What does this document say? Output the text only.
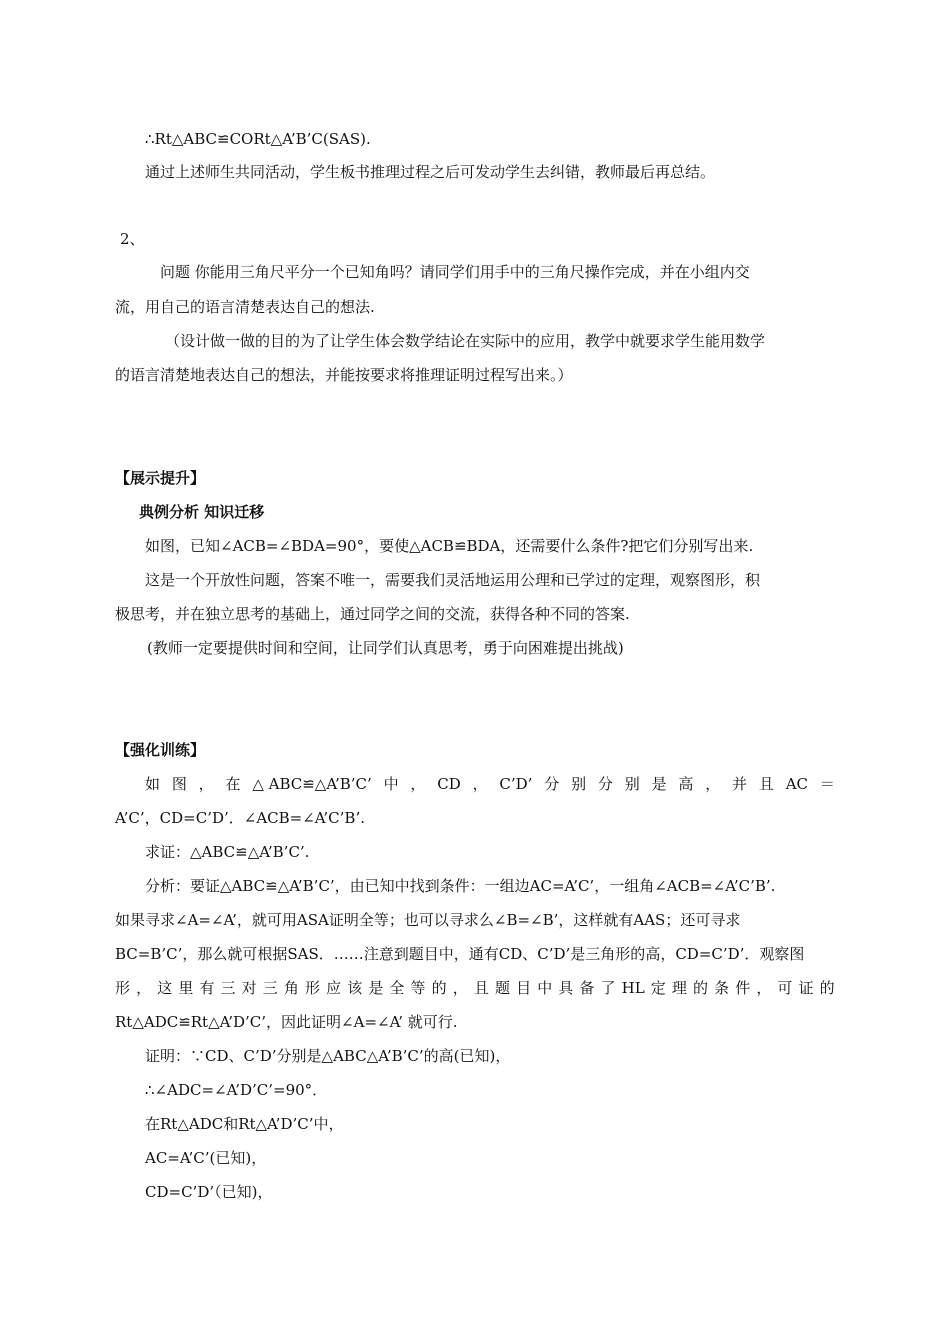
∴Rt△ABC≌CORt△A’B’C(SAS).
通过上述师生共同活动，学生板书推理过程之后可发动学生去纠错，教师最后再总结。
2、
问题 你能用三角尺平分一个已知角吗？请同学们用手中的三角尺操作完成，并在小组内交
流，用自己的语言清楚表达自己的想法.
（设计做一做的目的为了让学生体会数学结论在实际中的应用，教学中就要求学生能用数学
的语言清楚地表达自己的想法，并能按要求将推理证明过程写出来。）
【展示提升】
典例分析 知识迁移
如图，已知∠ACB=∠BDA=90°，要使△ACB≌BDA，还需要什么条件?把它们分别写出来.
这是一个开放性问题，答案不唯一，需要我们灵活地运用公理和已学过的定理，观察图形，积
极思考，并在独立思考的基础上，通过同学之间的交流，获得各种不同的答案.
(教师一定要提供时间和空间，让同学们认真思考，勇于向困难提出挑战)
【强化训练】
如 图 ， 在 △ ABC≌△A’B’C’ 中 ， CD ， C’D’ 分 别 分 别 是 高 ， 并 且 AC ＝
A’C’，CD=C’D’．∠ACB=∠A’C’B’.
求证：△ABC≌△A’B’C’.
分析：要证△ABC≌△A’B’C’，由已知中找到条件：一组边AC=A’C’，一组角∠ACB=∠A’C’B’.
如果寻求∠A=∠A’，就可用ASA证明全等；也可以寻求么∠B=∠B’，这样就有AAS；还可寻求
BC=B’C’，那么就可根据SAS．……注意到题目中，通有CD、C’D’是三角形的高，CD=C’D’．观察图
形 ， 这 里 有 三 对 三 角 形 应 该 是 全 等 的 ， 且 题 目 中 具 备 了 HL 定 理 的 条 件 ， 可 证 的
Rt△ADC≌Rt△A’D’C’，因此证明∠A=∠A’ 就可行.
证明：∵CD、C’D’分别是△ABC△A’B’C’的高(已知)，
∴∠ADC=∠A’D’C’=90°．
在Rt△ADC和Rt△A’D’C’中，
AC=A’C’(已知)，
CD=C’D’（已知)，
